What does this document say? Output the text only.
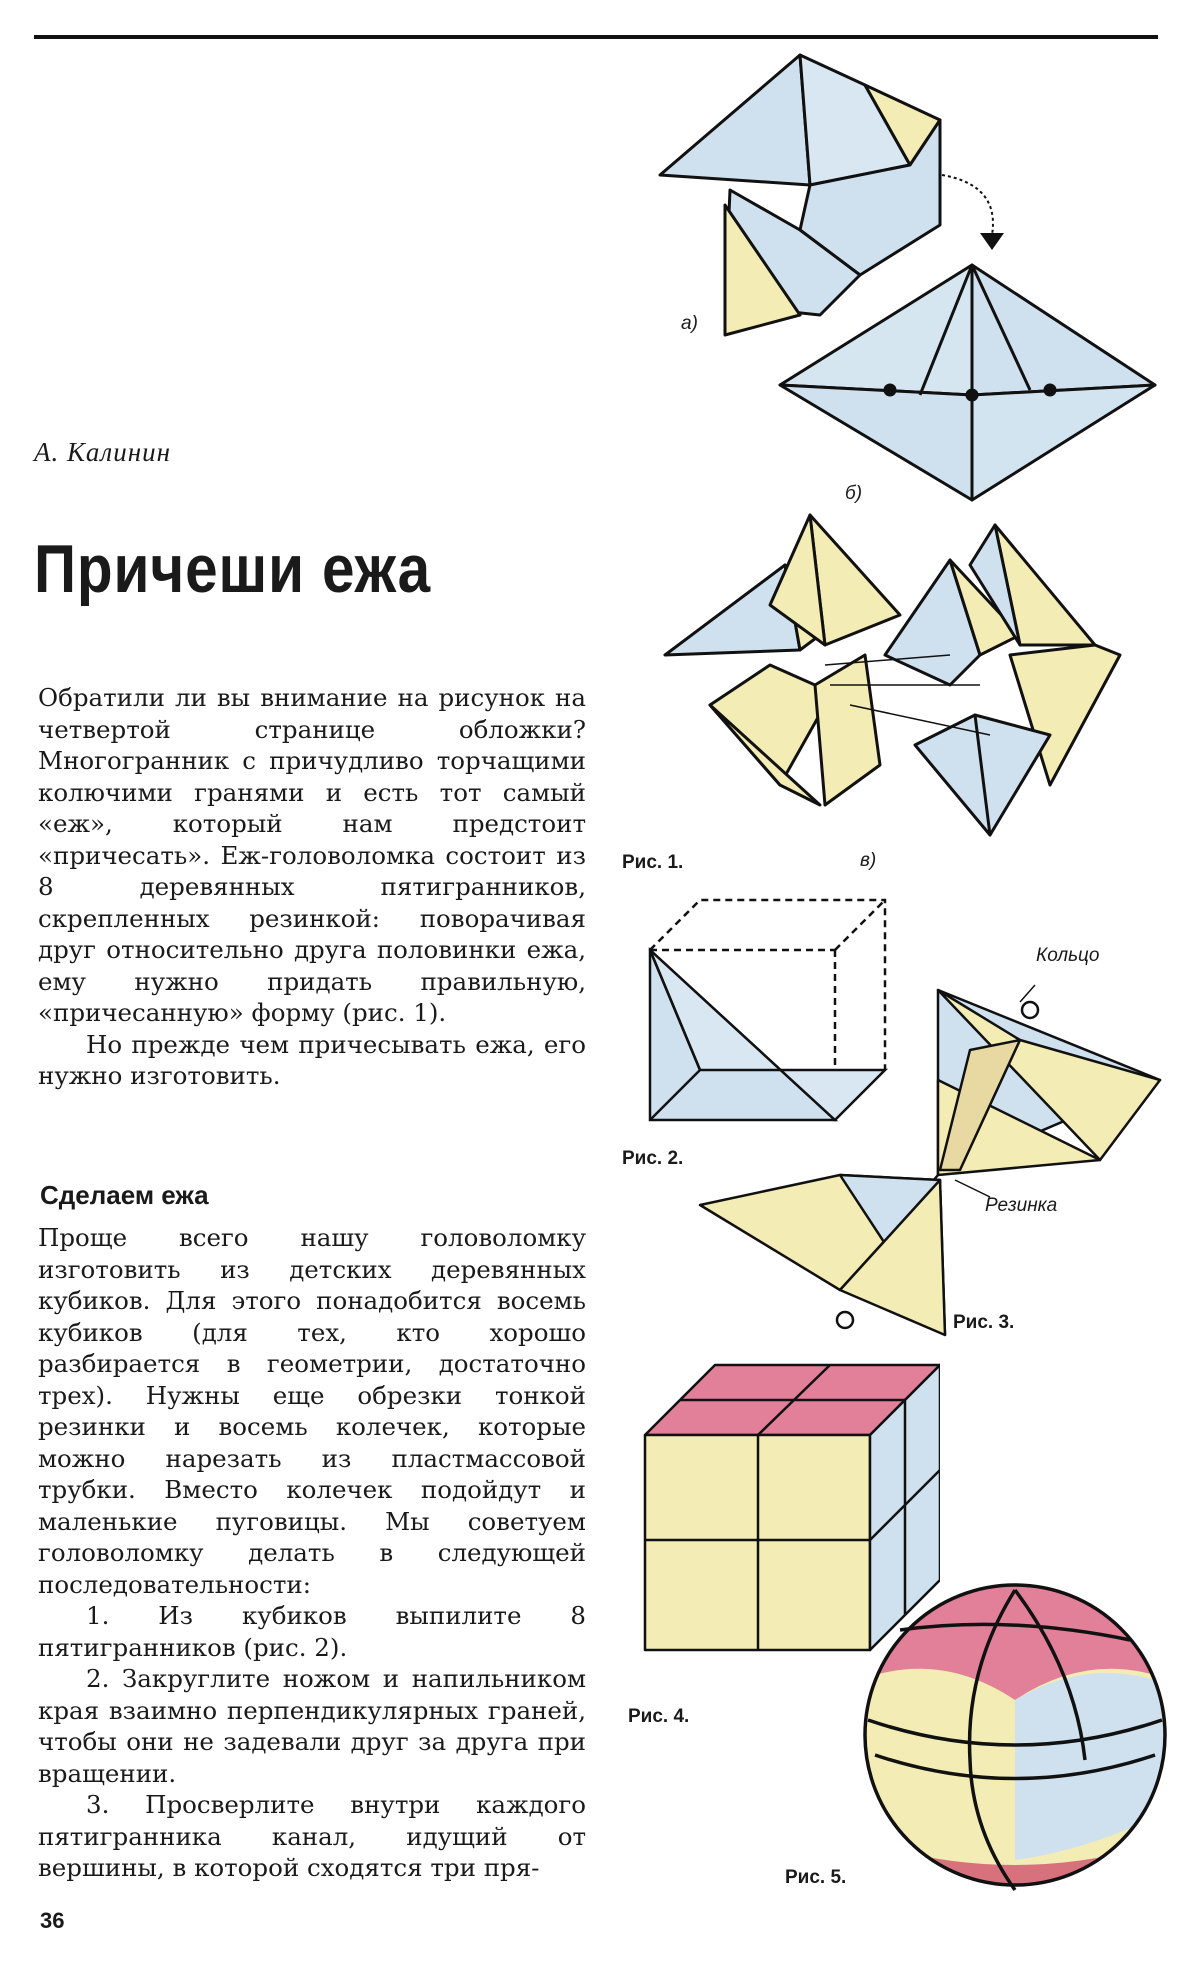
А. Калинин
Причеши ежа

Обратили ли вы внимание на рисунок на четвертой странице обложки? Многогранник с причудливо торчащими колючими гранями и есть тот самый «еж», который нам предстоит «причесать». Еж-головоломка состоит из 8 деревянных пятигранников, скрепленных резинкой: поворачивая друг относительно друга половинки ежа, ему нужно придать правильную, «причесанную» форму (рис. 1).

Но прежде чем причесывать ежа, его нужно изготовить.

Сделаем ежа

Проще всего нашу головоломку изготовить из детских деревянных кубиков. Для этого понадобится восемь кубиков (для тех, кто хорошо разбирается в геометрии, достаточно трех). Нужны еще обрезки тонкой резинки и восемь колечек, которые можно нарезать из пластмассовой трубки. Вместо колечек подойдут и маленькие пуговицы. Мы советуем головоломку делать в следующей последовательности:

1. Из кубиков выпилите 8 пятигранников (рис. 2).

2. Закруглите ножом и напильником края взаимно перпендикулярных граней, чтобы они не задевали друг за друга при вращении.

3. Просверлите внутри каждого пятигранника канал, идущий от вершины, в которой сходятся три пря-

36
а)
б)
в)
Рис. 1.
Рис. 2.
Кольцо
Резинка
Рис. 3.
Рис. 4.
Рис. 5.
